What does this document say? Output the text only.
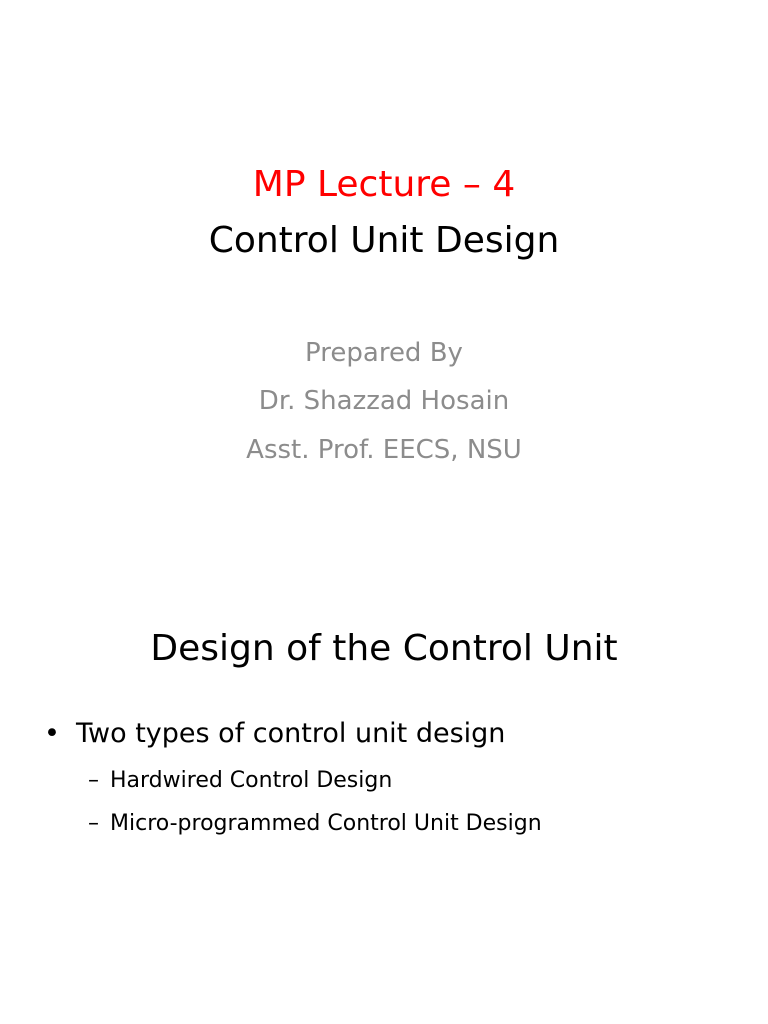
MP Lecture – 4
Control Unit Design
Prepared By
Dr. Shazzad Hosain
Asst. Prof. EECS, NSU
Design of the Control Unit
• Two types of control unit design
– Hardwired Control Design
– Micro-programmed Control Unit Design
